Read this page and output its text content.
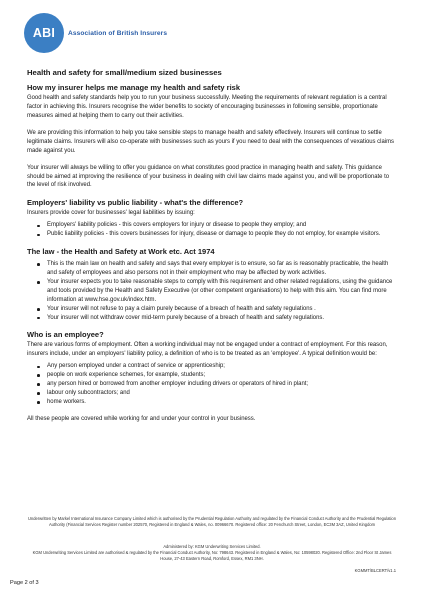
ABI	Association of British Insurers
Health and safety for small/medium sized businesses
How my insurer helps me manage my health and safety risk

Good health and safety standards help you to run your business successfully. Meeting the requirements of relevant regulation is a central factor in achieving this. Insurers recognise the wider benefits to society of encouraging businesses in following sensible, proportionate measures aimed at helping them to carry out their activities.

We are providing this information to help you take sensible steps to manage health and safety effectively. Insurers will continue to settle legitimate claims. Insurers will also co-operate with businesses such as yours if you need to deal with the consequences of vexatious claims made against you.

Your insurer will always be willing to offer you guidance on what constitutes good practice in managing health and safety. This guidance should be aimed at improving the resilience of your business in dealing with civil law claims made against you, and will be proportionate to the level of risk involved.

Employers' liability vs public liability - what's the difference?

Insurers provide cover for businesses' legal liabilities by issuing:

Employers' liability policies - this covers employers for injury or disease to people they employ; and
Public liability policies - this covers businesses for injury, disease or damage to people they do not employ, for example visitors.
The law - the Health and Safety at Work etc. Act 1974
This is the main law on health and safety and says that every employer is to ensure, so far as is reasonably practicable, the health and safety of employees and also persons not in their employment who may be affected by work activities.
Your insurer expects you to take reasonable steps to comply with this requirement and other related regulations, using the guidance and tools provided by the Health and Safety Executive (or other competent organisations) to help with this aim. You can find more information at www.hse.gov.uk/index.htm.
Your insurer will not refuse to pay a claim purely because of a breach of health and safety regulations .
Your insurer will not withdraw cover mid-term purely because of a breach of health and safety regulations.
Who is an employee?

There are various forms of employment. Often a working individual may not be engaged under a contract of employment. For this reason, insurers include, under an employers' liability policy, a definition of who is to be treated as an 'employee'. A typical definition would be:

Any person employed under a contract of service or apprenticeship;
people on work experience schemes, for example, students;
any person hired or borrowed from another employer including drivers or operators of hired in plant;
labour only subcontractors; and
home workers.

All these people are covered while working for and under your control in your business.

Underwritten by Markel International Insurance Company Limited which is authorised by the Prudential Regulation Authority and regulated by the Financial Conduct Authority and the Prudential Regulation Authority (Financial Services Register number 202570, Registered in England & Wales, no. 00966670. Registered office: 20 Fenchurch Street, London, EC3M 3AZ, United Kingdom

Administered by: KGM Underwriting Services Limited.

KGM Underwriting Services Limited are authorised & regulated by the Financial Conduct Authority, No: 798643. Registered in England & Wales, No: 10598020. Registered Office: 2nd Floor St James House, 27-43 Eastern Road, Romford, Essex, RM1 3NH.

KGMMT/BLCERT/v1.1
Page 2 of 3
